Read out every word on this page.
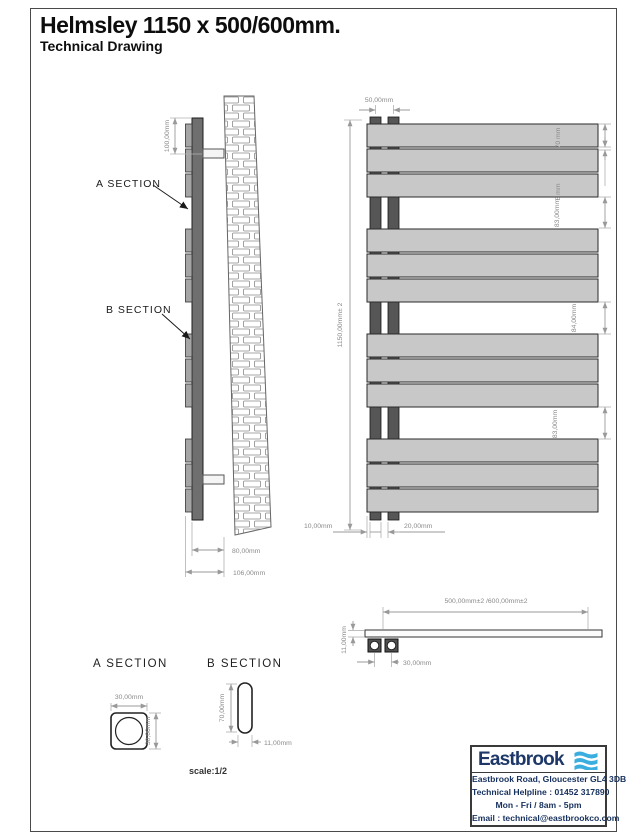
Helmsley 1150 x 500/600mm.
Technical Drawing
100,00mm
A SECTION
B SECTION
80,00mm
106,00mm
50,00mm
1150,00mm± 2
70 mm
5 mm
83,00mm
84,00mm
83,00mm
10,00mm	20,00mm
500,00mm±2 /600,00mm±2
11,00mm
30,00mm
30,00mm
30,00mm
70,00mm
11,00mm
A SECTION	B SECTION
scale:1/2
Eastbrook
Eastbrook Road, Gloucester GL4 3DB
Technical Helpline : 01452 317890
Mon - Fri / 8am - 5pm
Email : technical@eastbrookco.com
